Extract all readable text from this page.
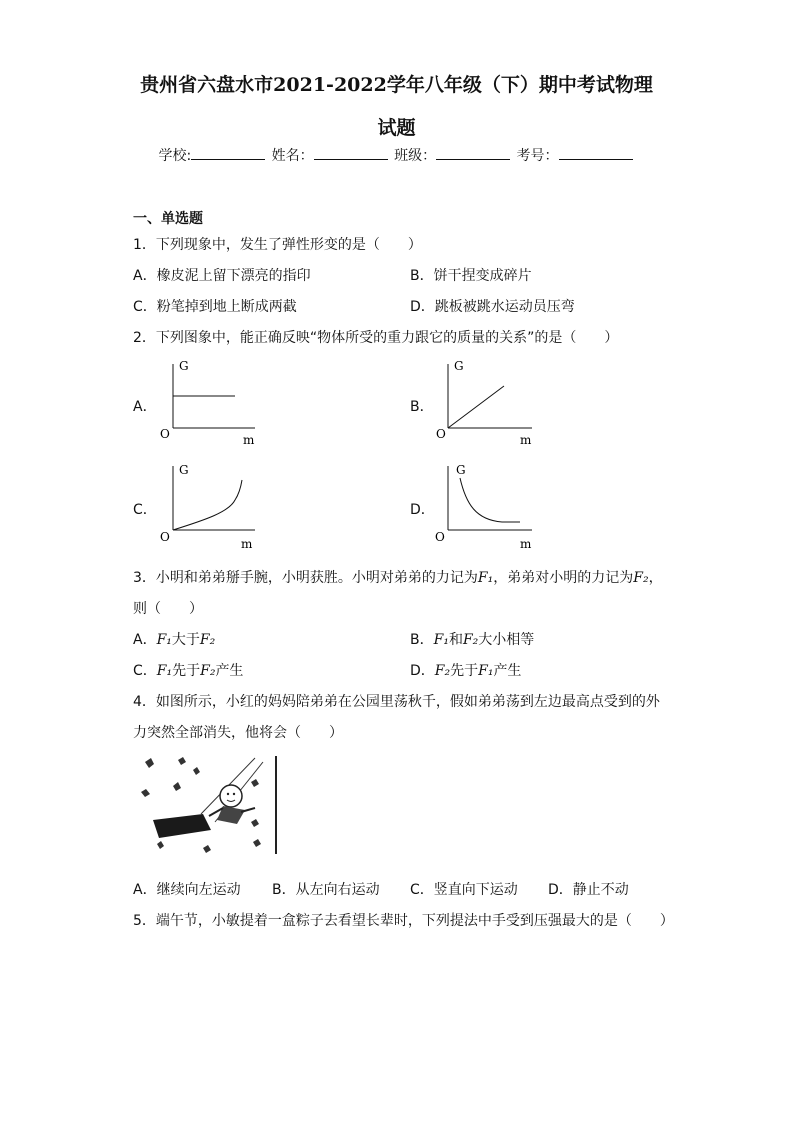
贵州省六盘水市2021-2022学年八年级（下）期中考试物理
试题
学校:	姓名：	班级：	考号：
一、单选题
1．下列现象中，发生了弹性形变的是（　　）
A．橡皮泥上留下漂亮的指印	B．饼干捏变成碎片
C．粉笔掉到地上断成两截	D．跳板被跳水运动员压弯
2．下列图象中，能正确反映“物体所受的重力跟它的质量的关系”的是（　　）
A．
G
m
O
B．
G
m
O
C．
G
m
O
D．
G
m
O
3．小明和弟弟掰手腕，小明获胜。小明对弟弟的力记为F₁，弟弟对小明的力记为F₂，
则（　　）
A．F₁大于F₂	B．F₁和F₂大小相等
C．F₁先于F₂产生	D．F₂先于F₁产生
4．如图所示，小红的妈妈陪弟弟在公园里荡秋千，假如弟弟荡到左边最高点受到的外
力突然全部消失，他将会（　　）
A．继续向左运动 B．从左向右运动 C．竖直向下运动 D．静止不动
5．端午节，小敏提着一盒粽子去看望长辈时，下列提法中手受到压强最大的是（　　）
